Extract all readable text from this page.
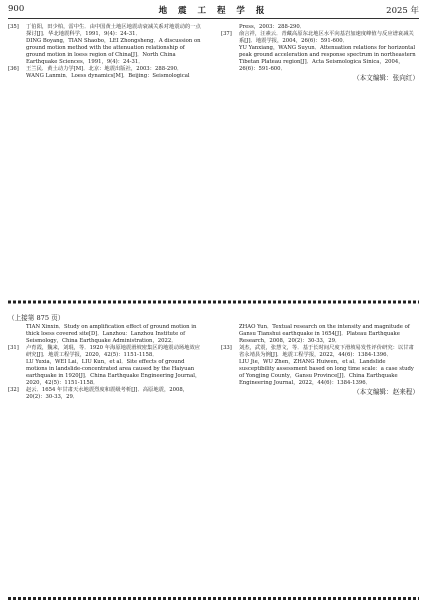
900	地 震 工 程 学 报	2025 年
[35] 丁伯阳，田少柏，雷中生．由中国黄土地区地震动衰减关系对地震动的一点探讨[J]．华北地震科学，1991，9(4)：24-31．
DING Boyang，TIAN Shaobo，LEI Zhongsheng．A discussion on ground motion method with the attenuation relationship of ground motion in loess region of China[J]．North China Earthquake Sciences，1991，9(4)：24-31．
[36] 王兰民．黄土动力学[M]．北京：地震出版社，2003：288-290．
WANG Lanmin．Loess dynamics[M]．Beijing：Seismological
Press，2003：288-290．
[37] 俞言祥，汪素云．青藏高原东北地区水平向基岩加速度峰值与反应谱衰减关系[J]．地震学报，2004，26(6)：591-600．
YU Yanxiang，WANG Suyun．Attenuation relations for horizontal peak ground acceleration and response spectrum in northeastern Tibetan Plateau region[J]．Acta Seismologica Sinica，2004，26(6)：591-600．
（本文编辑：张向红）
（上接第 875 页）
TIAN Xinxin．Study on amplification effect of ground motion in thick loess covered site[D]．Lanzhou：Lanzhou Institute of Seismology，China Earthquake Administration，2022．
[31] 卢育霞，魏来，刘琨，等．1920 年海原地震滑坡密集区的地震动场地效应研究[J]．地震工程学报，2020，42(5)：1151-1158．
LU Yuxia，WEI Lai，LIU Kun，et al．Site effects of ground motions in landslide-concentrated area caused by the Haiyuan earthquake in 1920[J]．China Earthquake Engineering Journal，2020，42(5)：1151-1158．
[32] 赵云．1654 年甘肃天水地震烈度和震级考析[J]．高原地震，2008，20(2)：30-33，29．
ZHAO Yun．Textual research on the intensity and magnitude of Gansu Tianshui earthquake in 1654[J]．Plateau Earthquake Research，2008，20(2)：30-33，29．
[33] 刘杰，武震，张慧文，等．基于长时间尺度下滑坡易发性评价研究：以甘肃省永靖县为例[J]．地震工程学报，2022，44(6)：1384-1396．
LIU Jie，WU Zhen，ZHANG Huiwen，et al．Landslide susceptibility assessment based on long time scale：a case study of Yongjing County，Gansu Province[J]．China Earthquake Engineering Journal，2022，44(6)：1384-1396．
（本文编辑：赵来程）
